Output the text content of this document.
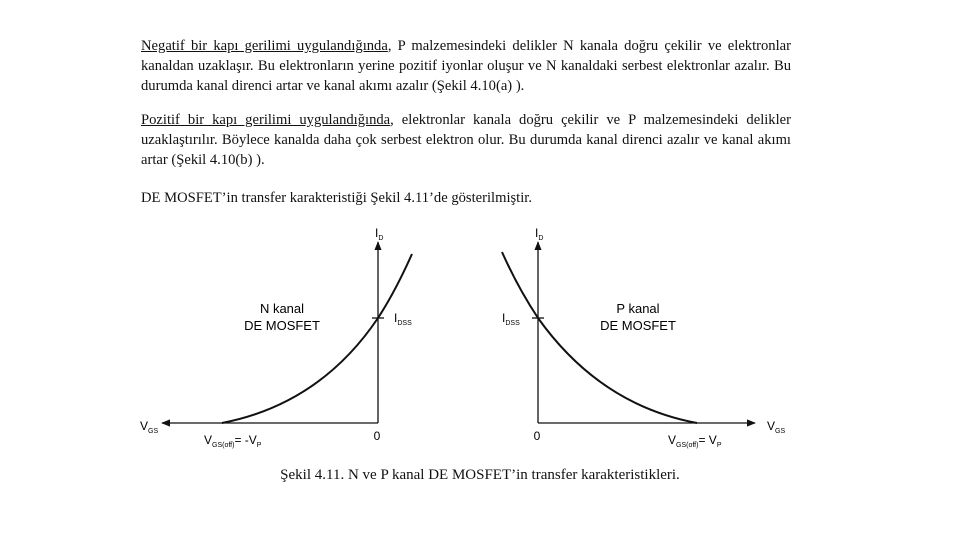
Negatif bir kapı gerilimi uygulandığında, P malzemesindeki delikler N kanala doğru çekilir ve elektronlar kanaldan uzaklaşır. Bu elektronların yerine pozitif iyonlar oluşur ve N kanaldaki serbest elektronlar azalır. Bu durumda kanal direnci artar ve kanal akımı azalır (Şekil 4.10(a) ).

Pozitif bir kapı gerilimi uygulandığında, elektronlar kanala doğru çekilir ve P malzemesindeki delikler uzaklaştırılır. Böylece kanalda daha çok serbest elektron olur. Bu durumda kanal direnci azalır ve kanal akımı artar (Şekil 4.10(b) ).

DE MOSFET’in transfer karakteristiği Şekil 4.11’de gösterilmiştir.

$I_D$
$V_{GS}$
N kanal
DE MOSFET	$I_{DSS}$
0
$V_{GS(off)}= -V_P$
$I_D$
$V_{GS}$
P kanal
DE MOSFET
$I_{DSS}$
0	$V_{GS(off)}= V_P$
Şekil 4.11. N ve P kanal DE MOSFET’in transfer karakteristikleri.
